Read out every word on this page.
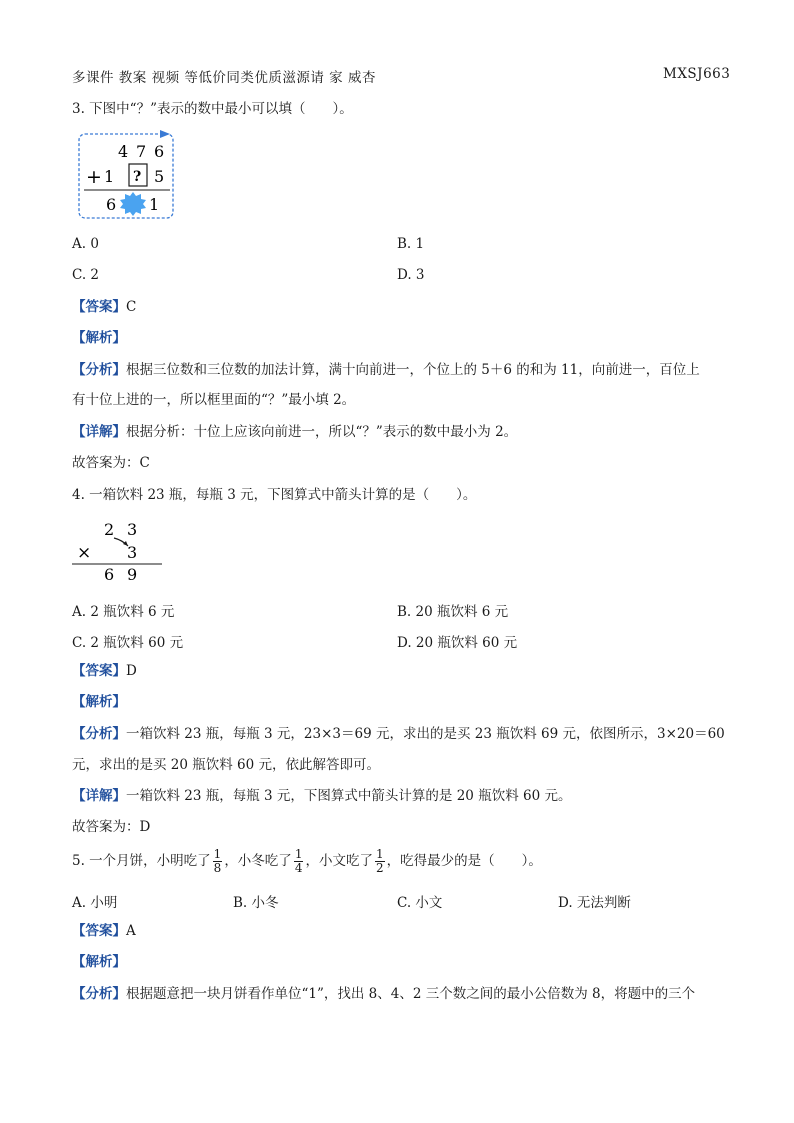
多课件 教案 视频 等低价同类优质滋源请 家 威杏	MXSJ663
3. 下图中“？”表示的数中最小可以填（　　）。
4 7 6
+ 1 ? 5
6 1
A. 0	B. 1
C. 2	D. 3
【答案】C
【解析】
【分析】根据三位数和三位数的加法计算，满十向前进一，个位上的 5＋6 的和为 11，向前进一，百位上
有十位上进的一，所以框里面的“？”最小填 2。
【详解】根据分析：十位上应该向前进一，所以“？”表示的数中最小为 2。
故答案为：C
4. 一箱饮料 23 瓶，每瓶 3 元，下图算式中箭头计算的是（　　）。
2 3
× 3
6 9
A. 2 瓶饮料 6 元	B. 20 瓶饮料 6 元
C. 2 瓶饮料 60 元	D. 20 瓶饮料 60 元
【答案】D
【解析】
【分析】一箱饮料 23 瓶，每瓶 3 元，23×3＝69 元，求出的是买 23 瓶饮料 69 元，依图所示，3×20＝60
元，求出的是买 20 瓶饮料 60 元，依此解答即可。
【详解】一箱饮料 23 瓶，每瓶 3 元，下图算式中箭头计算的是 20 瓶饮料 60 元。
故答案为：D
5. 一个月饼，小明吃了 $\frac{1}{8}$ ，小冬吃了 $\frac{1}{4}$ ，小文吃了 $\frac{1}{2}$ ，吃得最少的是（　　）。
A. 小明	B. 小冬	C. 小文	D. 无法判断
【答案】A
【解析】
【分析】根据题意把一块月饼看作单位“1”，找出 8、4、2 三个数之间的最小公倍数为 8，将题中的三个
